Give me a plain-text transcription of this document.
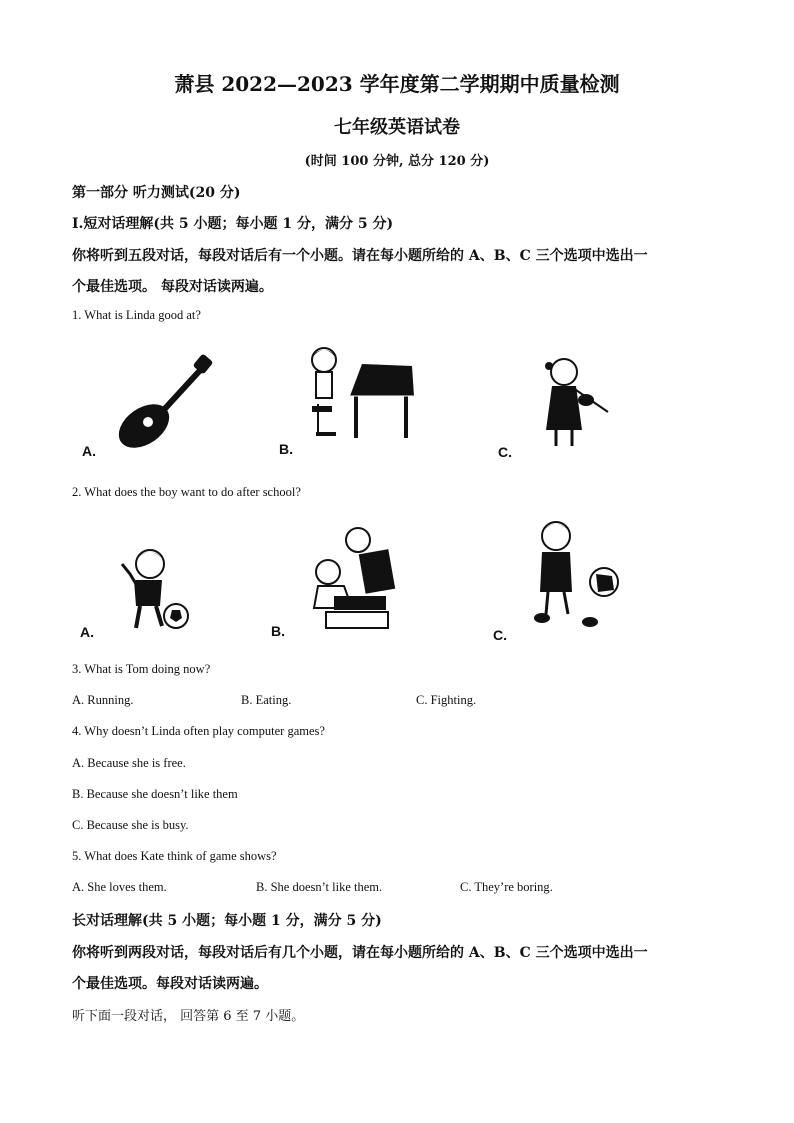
萧县 2022—2023 学年度第二学期期中质量检测
七年级英语试卷
(时间 100 分钟, 总分 120 分)
第一部分 听力测试(20 分)
Ⅰ.短对话理解(共 5 小题；每小题 1 分，满分 5 分)
你将听到五段对话，每段对话后有一个小题。请在每小题所给的 A、B、C 三个选项中选出一
个最佳选项。 每段对话读两遍。
1. What is Linda good at?
A.	B.	C.
2. What does the boy want to do after school?
A.	B.	C.
3. What is Tom doing now?
A. Running.	B. Eating.	C. Fighting.
4. Why doesn’t Linda often play computer games?
A. Because she is free.
B. Because she doesn’t like them
C. Because she is busy.
5. What does Kate think of game shows?
A. She loves them.	B. She doesn’t like them.	C. They’re boring.
长对话理解(共 5 小题；每小题 1 分，满分 5 分)
你将听到两段对话，每段对话后有几个小题，请在每小题所给的 A、B、C 三个选项中选出一
个最佳选项。每段对话读两遍。
听下面一段对话， 回答第 6 至 7 小题。
